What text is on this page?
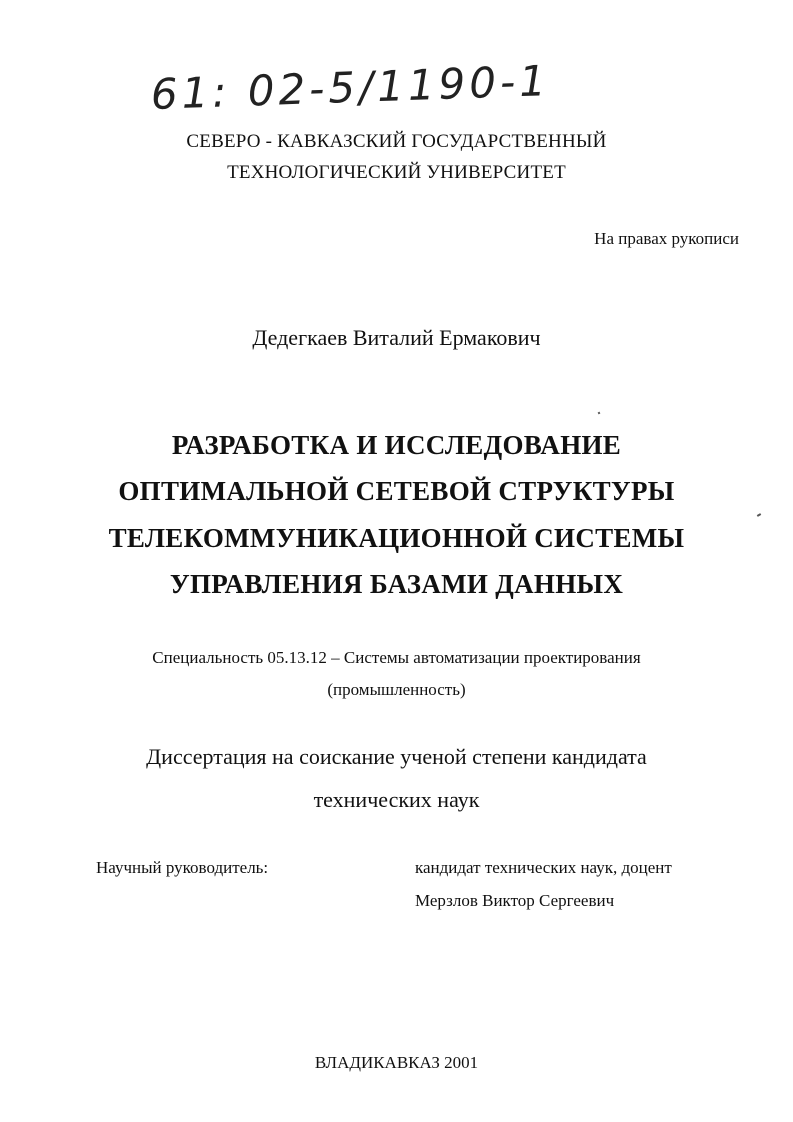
61: 02-5/1190-1
СЕВЕРО - КАВКАЗСКИЙ ГОСУДАРСТВЕННЫЙ
ТЕХНОЛОГИЧЕСКИЙ УНИВЕРСИТЕТ
На правах рукописи
Дедегкаев Виталий Ермакович
РАЗРАБОТКА И ИССЛЕДОВАНИЕ
ОПТИМАЛЬНОЙ СЕТЕВОЙ СТРУКТУРЫ
ТЕЛЕКОММУНИКАЦИОННОЙ СИСТЕМЫ
УПРАВЛЕНИЯ БАЗАМИ ДАННЫХ
Специальность 05.13.12 – Системы автоматизации проектирования
(промышленность)
Диссертация на соискание ученой степени кандидата
технических наук
Научный руководитель:	кандидат технических наук, доцент
Мерзлов Виктор Сергеевич
ВЛАДИКАВКАЗ 2001
